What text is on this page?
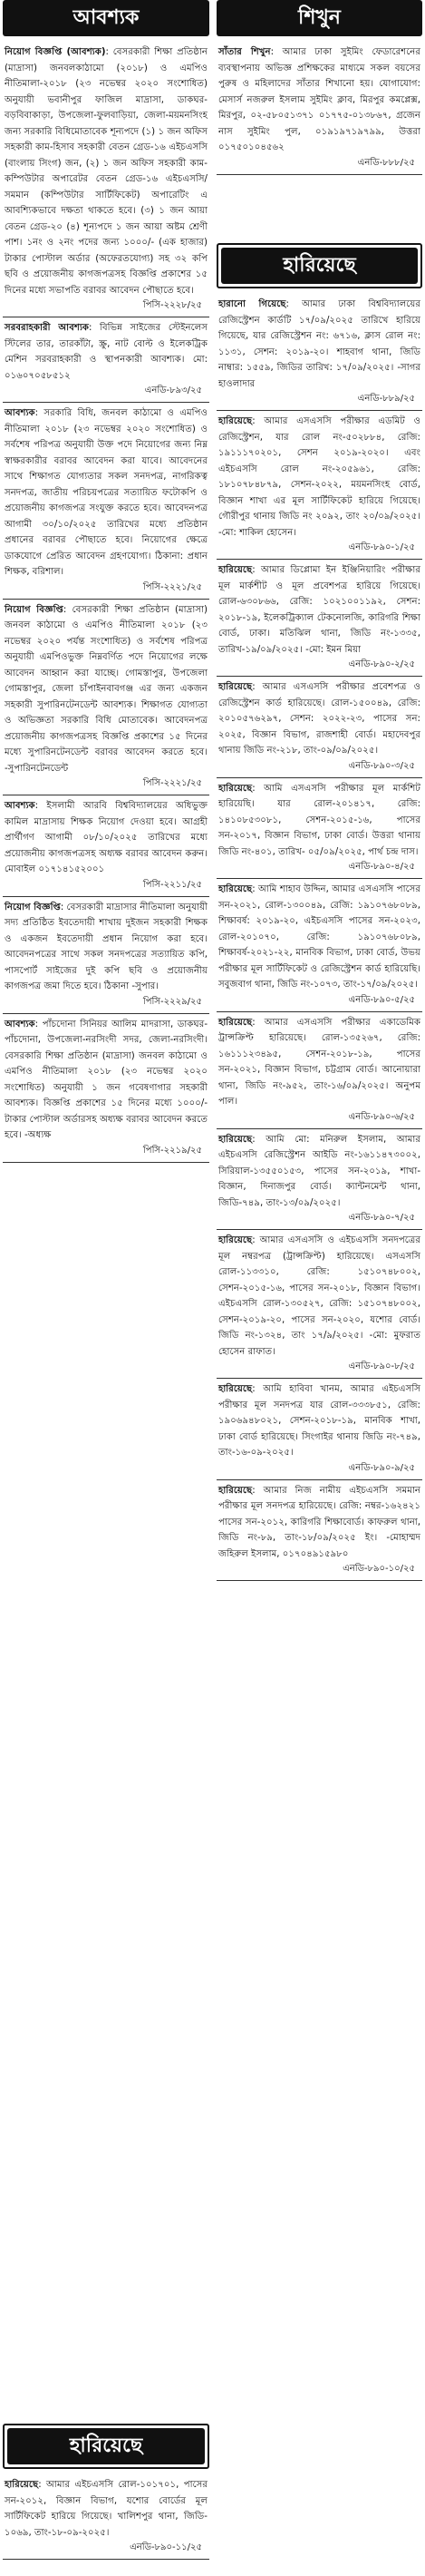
আবশ্যক
নিয়োগ বিজ্ঞপ্তি (আবশ্যক): বেসরকারী শিক্ষা প্রতিষ্ঠান (মাদ্রাসা) জনবলকাঠামো (২০১৮) ও এমপিও নীতিমালা-২০১৮ (২৩ নভেম্বর ২০২০ সংশোধিত) অনুযায়ী ভবানীপুর ফাজিল মাদ্রাসা, ডাকঘর-বড়বিবাকাড়া, উপজেলা-ফুলবাড়িয়া, জেলা-ময়মনসিংহ জন্য সরকারি বিধিমোতাবেক শূন্যপদে (১) ১ জন অফিস সহকারী কাম-হিসাব সহকারী বেতন গ্রেড-১৬ এইচএসসি (বাংলায় সিংগ) জন, (২) ১ জন অফিস সহকারী কাম-কম্পিউটার অপারেটর বেতন গ্রেড-১৬ এইচএসসি/সমমান (কম্পিউটার সার্টিফিকেট) অপারেটিং এ আবশ্যিকভাবে দক্ষতা থাকতে হবে। (৩) ১ জন আয়া বেতন গ্রেড-২০ (৪) শূন্যপদে ১ জন আয়া অষ্টম শ্রেণী পাশ। ১নং ও ২নং পদের জন্য ১০০০/- (এক হাজার) টাকার পোস্টাল অর্ডার (অফেরতযোগ্য) সহ ৩২ কপি ছবি ও প্রয়োজনীয় কাগজপত্রসহ বিজ্ঞপ্তি প্রকাশের ১৫ দিনের মধ্যে সভাপতি বরাবর আবেদন পৌছাতে হবে।
পিসি-২২২৮/২৫
সরবরাহকারী আবশ্যক: বিভিন্ন সাইজের স্টেইনলেস স্টিলের তার, তারকাঁটা, স্ক্রু, নাট বোল্ট ও ইলেকট্রিক মেশিন সরবরাহকারী ও স্থাপনকারী আবশ্যক। মো: ০১৬০৭০৫৮৫১২
এনডি-৮৯৩/২৫
আবশ্যক: সরকারি বিধি, জনবল কাঠামো ও এমপিও নীতিমালা ২০১৮ (২৩ নভেম্বর ২০২০ সংশোধিত) ও সর্বশেষ পরিপত্র অনুযায়ী উক্ত পদে নিয়োগের জন্য নিম্ন স্বাক্ষরকারীর বরাবর আবেদন করা যাবে। আবেদনের সাথে শিক্ষাগত যোগ্যতার সকল সনদপত্র, নাগরিকত্ব সনদপত্র, জাতীয় পরিচয়পত্রের সত্যায়িত ফটোকপি ও প্রয়োজনীয় কাগজপত্র সংযুক্ত করতে হবে। আবেদনপত্র আগামী ৩০/১০/২০২৫ তারিখের মধ্যে প্রতিষ্ঠান প্রধানের বরাবর পৌছাতে হবে। নিয়োগের ক্ষেত্রে ডাকযোগে প্রেরিত আবেদন গ্রহণযোগ্য। ঠিকানা: প্রধান শিক্ষক, বরিশাল।
পিসি-২২২১/২৫
নিয়োগ বিজ্ঞপ্তি: বেসরকারী শিক্ষা প্রতিষ্ঠান (মাদ্রাসা) জনবল কাঠামো ও এমপিও নীতিমালা ২০১৮ (২৩ নভেম্বর ২০২০ পর্যন্ত সংশোধিত) ও সর্বশেষ পরিপত্র অনুযায়ী এমপিওভুক্ত নিম্নবর্ণিত পদে নিয়োগের লক্ষে আবেদন আহ্বান করা যাচ্ছে। গোমস্তাপুর, উপজেলা গোমস্তাপুর, জেলা চাঁপাইনবাবগঞ্জ এর জন্য একজন সহকারী সুপারিনটেনডেন্ট আবশ্যক। শিক্ষাগত যোগ্যতা ও অভিজ্ঞতা সরকারি বিধি মোতাবেক। আবেদনপত্র প্রয়োজনীয় কাগজপত্রসহ বিজ্ঞপ্তি প্রকাশের ১৫ দিনের মধ্যে সুপারিনটেনডেন্ট বরাবর আবেদন করতে হবে। -সুপারিনটেনডেন্ট
পিসি-২২২১/২৫
আবশ্যক: ইসলামী আরবি বিশ্ববিদ্যালয়ের অধিভুক্ত কামিল মাদ্রাসায় শিক্ষক নিয়োগ দেওয়া হবে। আগ্রহী প্রার্থীগণ আগামী ০৮/১০/২০২৫ তারিখের মধ্যে প্রয়োজনীয় কাগজপত্রসহ অধ্যক্ষ বরাবর আবেদন করুন। মোবাইল ০১৭১৪১৫২০০১
পিসি-২২১১/২৫
নিয়োগ বিজ্ঞপ্তি: বেসরকারী মাদ্রাসার নীতিমালা অনুযায়ী সদ্য প্রতিষ্ঠিত ইবতেদায়ী শাখায় দুইজন সহকারী শিক্ষক ও একজন ইবতেদায়ী প্রধান নিয়োগ করা হবে। আবেদনপত্রের সাথে সকল সনদপত্রের সত্যায়িত কপি, পাসপোর্ট সাইজের দুই কপি ছবি ও প্রয়োজনীয় কাগজপত্র জমা দিতে হবে। ঠিকানা -সুপার।
পিসি-২২২৯/২৫
আবশ্যক: পাঁচদোনা সিনিয়র আলিম মাদরাসা, ডাকঘর-পাঁচদোনা, উপজেলা-নরসিংদী সদর, জেলা-নরসিংদী। বেসরকারি শিক্ষা প্রতিষ্ঠান (মাদ্রাসা) জনবল কাঠামো ও এমপিও নীতিমালা ২০১৮ (২৩ নভেম্বর ২০২০ সংশোধিত) অনুযায়ী ১ জন গবেষণাগার সহকারী আবশ্যক। বিজ্ঞপ্তি প্রকাশের ১৫ দিনের মধ্যে ১০০০/- টাকার পোস্টাল অর্ডারসহ অধ্যক্ষ বরাবর আবেদন করতে হবে। -অধ্যক্ষ
পিসি-২২১৯/২৫
হারিয়েছে
হারিয়েছে: আমার এইচএসসি রোল-১০১৭০১, পাসের সন-২০১২, বিজ্ঞান বিভাগ, যশোর বোর্ডের মূল সার্টিফিকেট হারিয়ে গিয়েছে। খালিশপুর থানা, জিডি- ১০৬৯, তাং-১৮-০৯-২০২৫।
এনডি-৮৯০-১১/২৫
শিখুন
সাঁতার শিখুন: আমার ঢাকা সুইমিং ফেডারেশনের ব্যবস্থাপনায় অভিজ্ঞ প্রশিক্ষকের মাধ্যমে সকল বয়সের পুরুষ ও মহিলাদের সাঁতার শিখানো হয়। যোগাযোগ: মেসার্স নজরুল ইসলাম সুইমিং ক্লাব, মিরপুর কমপ্লেক্স, মিরপুর, ০২-৫৮০৫১৩৭১ ০১৭৭৫-০১৩৮৬৭, গ্রজেন নাস সুইমিং পুল, ০১৯১৯৭১৯৭৯৯, উত্তরা ০১৭৫০১০৪৫৬২
এনডি-৮৮৮/২৫
হারিয়েছে
হারানো গিয়েছে: আমার ঢাকা বিশ্ববিদ্যালয়ের রেজিস্ট্রেশন কার্ডটি ১৭/০৯/২০২৫ তারিখে হারিয়ে গিয়েছে, যার রেজিস্ট্রেশন নং: ৬৭১৬, ক্লাস রোল নং: ১১৩১, সেশন: ২০১৯-২০। শাহবাগ থানা, জিডি নাম্বার: ১৫৫৯, জিডির তারিখ: ১৭/০৯/২০২৫। -সাগর হাওলাদার
এনডি-৮৮৯/২৫
হারিয়েছে: আমার এসএসসি পরীক্ষার এডমিট ও রেজিস্ট্রেশন, যার রোল নং-৫০২৮৮৪, রেজি: ১৯১১১৭০২০১, সেশন ২০১৯-২০২০। এবং এইচএসসি রোল নং-২০৫৯৬১, রেজি: ১৮১০৭৮৪৮৭৯, সেশন-২০২২, ময়মনসিংহ বোর্ড, বিজ্ঞান শাখা এর মূল সার্টিফিকেট হারিয়ে গিয়েছে। গৌরীপুর থানায় জিডি নং ২০৯২, তাং ২০/০৯/২০২৫। -মো: শাকিল হোসেন।
এনডি-৮৯০-১/২৫
হারিয়েছে: আমার ডিপ্লোমা ইন ইঞ্জিনিয়ারিং পরীক্ষার মূল মার্কশীট ও মূল প্রবেশপত্র হারিয়ে গিয়েছে। রোল-৬৩০৮৬৬, রেজি: ১০২১০০১১৯২, সেশন: ২০১৮-১৯, ইলেকট্রিক্যাল টেকনোলজি, কারিগরি শিক্ষা বোর্ড, ঢাকা। মতিঝিল থানা, জিডি নং-১৩৩৫, তারিখ-১৯/০৯/২০২৫। -মো: ইমন মিয়া
এনডি-৮৯০-২/২৫
হারিয়েছে: আমার এসএসসি পরীক্ষার প্রবেশপত্র ও রেজিস্ট্রেশন কার্ড হারিয়েছে। রোল-১৫০০৪৯, রেজি: ২০১০৫৭৬২৯৭, সেশন: ২০২২-২৩, পাসের সন: ২০২৫, বিজ্ঞান বিভাগ, রাজশাহী বোর্ড। মহাদেবপুর থানায় জিডি নং-২১৮, তাং-০৯/০৯/২০২৫।
এনডি-৮৯০-৩/২৫
হারিয়েছে: আমি এসএসসি পরীক্ষার মূল মার্কশিট হারিয়েছি। যার রোল-২০১৪১৭, রেজি: ১৪১০৮৫৩০৮১, সেশন-২০১৫-১৬, পাসের সন-২০১৭, বিজ্ঞান বিভাগ, ঢাকা বোর্ড। উত্তরা থানায় জিডি নং-৪০১, তারিখ- ০৫/০৯/২০২৫, পার্থ চন্দ্র দাস।
এনডি-৮৯০-৪/২৫
হারিয়েছে: আমি শাহাব উদ্দিন, আমার এসএসসি পাসের সন-২০২১, রোল-১৩০০৪৯, রেজি: ১৯১০৭৬৮০৮৯, শিক্ষাবর্ষ: ২০১৯-২০, এইচএসসি পাসের সন-২০২৩, রোল-২০১০৭০, রেজি: ১৯১০৭৬৮০৮৯, শিক্ষাবর্ষ-২০২১-২২, মানবিক বিভাগ, ঢাকা বোর্ড, উভয় পরীক্ষার মূল সার্টিফিকেট ও রেজিস্ট্রেশন কার্ড হারিয়েছি। সবুজবাগ থানা, জিডি নং-১০৭৩, তাং-১৭/০৯/২০২৫।
এনডি-৮৯০-৫/২৫
হারিয়েছে: আমার এসএসসি পরীক্ষার একাডেমিক ট্রান্সক্রিপ্ট হারিয়েছে। রোল-১৩৫২৬৭, রেজি: ১৬১১১২৩৪৯৫, সেশন-২০১৮-১৯, পাসের সন-২০২১, বিজ্ঞান বিভাগ, চট্টগ্রাম বোর্ড। আনোয়ারা থানা, জিডি নং-৯৫২, তাং-১৬/০৯/২০২৫। অনুপম পাল।
এনডি-৮৯০-৬/২৫
হারিয়েছে: আমি মো: মনিরুল ইসলাম, আমার এইচএসসি রেজিস্ট্রেশন আইডি নং-১৬১১৪৭৩০০২, সিরিয়াল-১৩৫৫০১৫৩, পাসের সন-২০১৯, শাখা-বিজ্ঞান, দিনাজপুর বোর্ড। ক্যান্টনমেন্ট থানা, জিডি-৭৪৯, তাং-১৩/০৯/২০২৫।
এনডি-৮৯০-৭/২৫
হারিয়েছে: আমার এসএসসি ও এইচএসসি সনদপত্রের মূল নম্বরপত্র (ট্রান্সক্রিপ্ট) হারিয়েছে। এসএসসি রোল-১১৩৩১০, রেজি: ১৫১০৭৪৮০০২, সেশন-২০১৫-১৬, পাসের সন-২০১৮, বিজ্ঞান বিভাগ। এইচএসসি রোল-১৩০৫২৭, রেজি: ১৫১০৭৪৮০০২, সেশন-২০১৯-২০, পাসের সন-২০২০, যশোর বোর্ড। জিডি নং-১৩২৪, তাং ১৭/৯/২০২৫। -মো: মুফরাত হোসেন রাফাত।
এনডি-৮৯০-৮/২৫
হারিয়েছে: আমি হাবিবা খানম, আমার এইচএসসি পরীক্ষার মূল সনদপত্র যার রোল-৩৩৩৮৫১, রেজি: ১৯০৬৯৪৮০২১, সেশন-২০১৮-১৯, মানবিক শাখা, ঢাকা বোর্ড হারিয়েছে। সিংগাইর থানায় জিডি নং-৭৪৯, তাং-১৬-০৯-২০২৫।
এনডি-৮৯০-৯/২৫
হারিয়েছে: আমার নিজ নামীয় এইচএসসি সমমান পরীক্ষার মূল সনদপত্র হারিয়েছে। রেজি: নম্বর-১৬২৪২১ পাসের সন-২০১২, কারিগরি শিক্ষাবোর্ড। কাফরুল থানা, জিডি নং-৮৯, তাং-১৮/০৯/২০২৫ ইং। -মোহাম্মদ জহিরুল ইসলাম, ০১৭০৪৯১৫৯৮০
এনডি-৮৯০-১০/২৫
